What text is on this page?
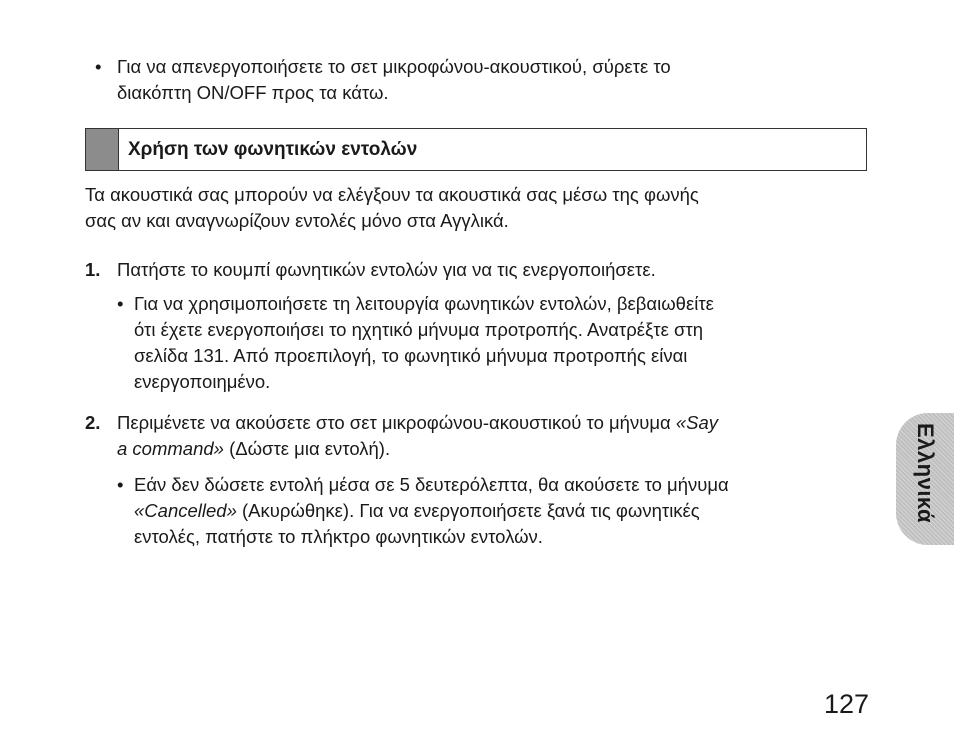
• Για να απενεργοποιήσετε το σετ μικροφώνου-ακουστικού, σύρετε το

διακόπτη ON/OFF προς τα κάτω.

Χρήση των φωνητικών εντολών

Τα ακουστικά σας μπορούν να ελέγξουν τα ακουστικά σας μέσω της φωνής

σας αν και αναγνωρίζουν εντολές μόνο στα Αγγλικά.

1. Πατήστε το κουμπί φωνητικών εντολών για να τις ενεργοποιήσετε.

• Για να χρησιμοποιήσετε τη λειτουργία φωνητικών εντολών, βεβαιωθείτε

ότι έχετε ενεργοποιήσει το ηχητικό μήνυμα προτροπής. Ανατρέξτε στη

σελίδα 131. Από προεπιλογή, το φωνητικό μήνυμα προτροπής είναι

ενεργοποιημένο.

2. Περιμένετε να ακούσετε στο σετ μικροφώνου-ακουστικού το μήνυμα «Say

a command» (Δώστε μια εντολή).

• Εάν δεν δώσετε εντολή μέσα σε 5 δευτερόλεπτα, θα ακούσετε το μήνυμα

«Cancelled» (Ακυρώθηκε). Για να ενεργοποιήσετε ξανά τις φωνητικές

εντολές, πατήστε το πλήκτρο φωνητικών εντολών.

Ελληνικά
127
